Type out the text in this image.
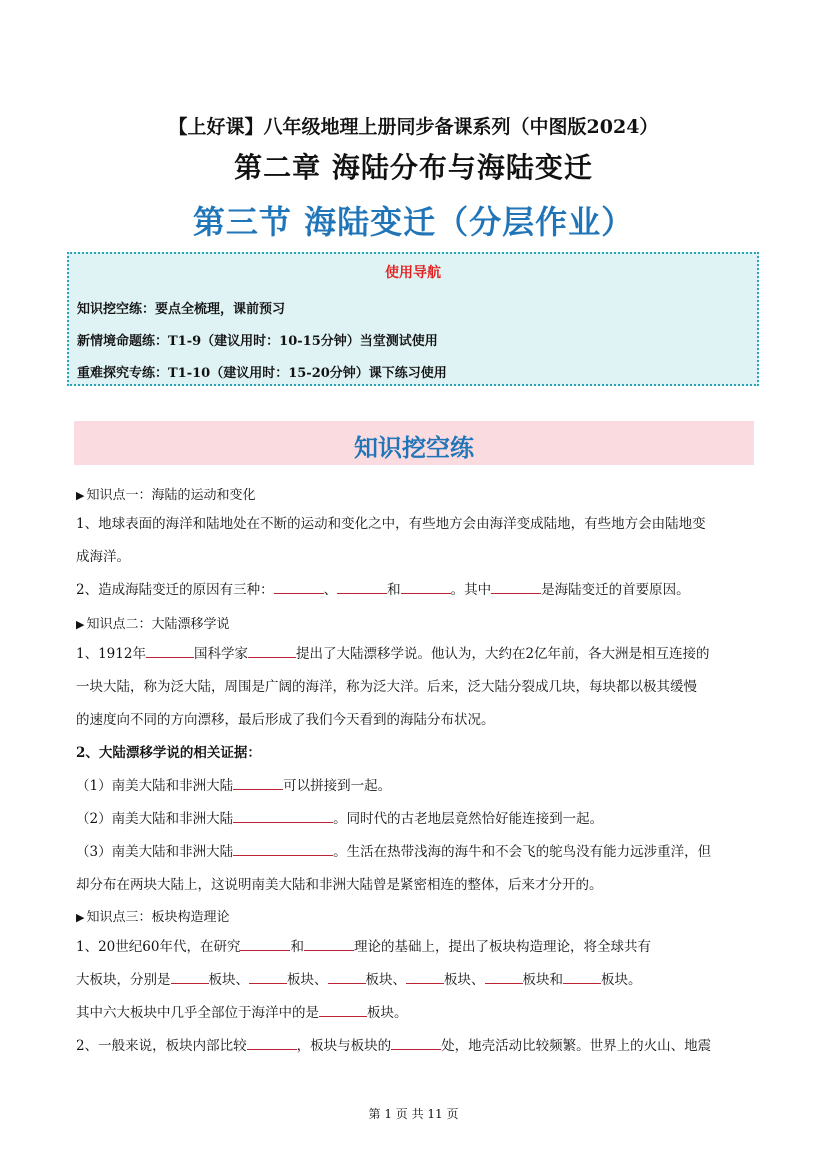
【上好课】八年级地理上册同步备课系列（中图版2024）
第二章 海陆分布与海陆变迁
第三节 海陆变迁（分层作业）
使用导航
知识挖空练：要点全梳理，课前预习
新情境命题练：T1-9（建议用时：10-15分钟）当堂测试使用
重难探究专练：T1-10（建议用时：15-20分钟）课下练习使用
知识挖空练
▶ 知识点一：海陆的运动和变化
1、地球表面的海洋和陆地处在不断的运动和变化之中，有些地方会由海洋变成陆地，有些地方会由陆地变
成海洋。
2、造成海陆变迁的原因有三种：	、	和	。其中	是海陆变迁的首要原因。
▶ 知识点二：大陆漂移学说
1、1912年	国科学家	提出了大陆漂移学说。他认为，大约在2亿年前，各大洲是相互连接的
一块大陆，称为泛大陆，周围是广阔的海洋，称为泛大洋。后来，泛大陆分裂成几块，每块都以极其缓慢
的速度向不同的方向漂移，最后形成了我们今天看到的海陆分布状况。
2、大陆漂移学说的相关证据：
（1）南美大陆和非洲大陆	可以拼接到一起。
（2）南美大陆和非洲大陆	。同时代的古老地层竟然恰好能连接到一起。
（3）南美大陆和非洲大陆	。生活在热带浅海的海牛和不会飞的鸵鸟没有能力远涉重洋，但
却分布在两块大陆上，这说明南美大陆和非洲大陆曾是紧密相连的整体，后来才分开的。
▶ 知识点三：板块构造理论
1、20世纪60年代，在研究	和	理论的基础上，提出了板块构造理论，将全球共有
大板块，分别是	板块、	板块、	板块、	板块、	板块和	板块。
其中六大板块中几乎全部位于海洋中的是	板块。
2、一般来说，板块内部比较	，板块与板块的	处，地壳活动比较频繁。世界上的火山、地震
第 1 页 共 11 页
